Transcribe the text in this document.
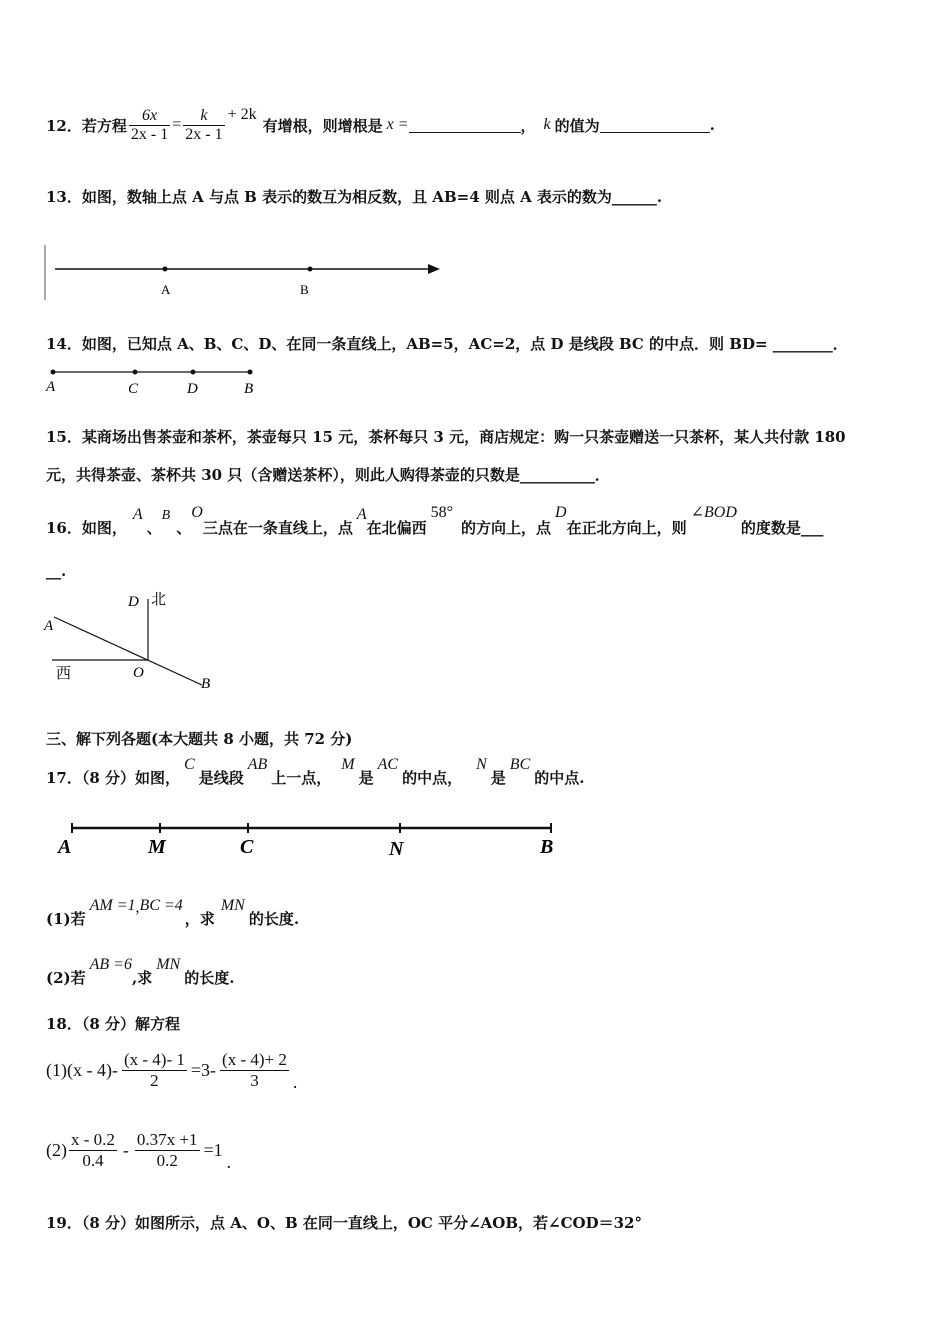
12． 若方程 $\frac{6x}{2x - 1} = \frac{k}{2x - 1} + 2k$
有增根，则增根是 x =	， k 的值为	.
13．如图，数轴上点 A 与点 B 表示的数互为相反数，且 AB=4 则点 A 表示的数为______.
A	B
14．如图，已知点 A、B、C、D、在同一条直线上，AB=5，AC=2，点 D 是线段 BC 的中点．则 BD= ________．
A	C	D	B
15．某商场出售茶壶和茶杯，茶壶每只 15 元，茶杯每只 3 元，商店规定：购一只茶壶赠送一只茶杯，某人共付款 180
元，共得茶壶、茶杯共 30 只（含赠送茶杯），则此人购得茶壶的只数是__________．
16．如图，
A
、
B
、
O
三点在一条直线上，点
A
在北偏西
58°
的方向上，点
D
在正北方向上，则
∠BOD
的度数是___
__.
D 北
A
西	O
B
三、解下列各题(本大题共 8 小题，共 72 分)
17．（8 分）如图，
C
是线段
AB
上一点，
M
是
AC
的中点，
N
是
BC
的中点.
A	M	C	N	B
(1)若
AM =1 , BC =4
，求
MN
的长度.
(2)若
AB =6
,求
MN
的长度.
18．（8 分）解方程
$(1)(x - 4)- \frac{(x - 4)- 1}{2} =3- \frac{(x - 4)+ 2}{3}$ .
$(2) \frac{x - 0.2}{0.4} - \frac{0.37x +1}{0.2} =1$
.
19．（8 分）如图所示，点 A、O、B 在同一直线上，OC 平分∠AOB，若∠COD＝32°
